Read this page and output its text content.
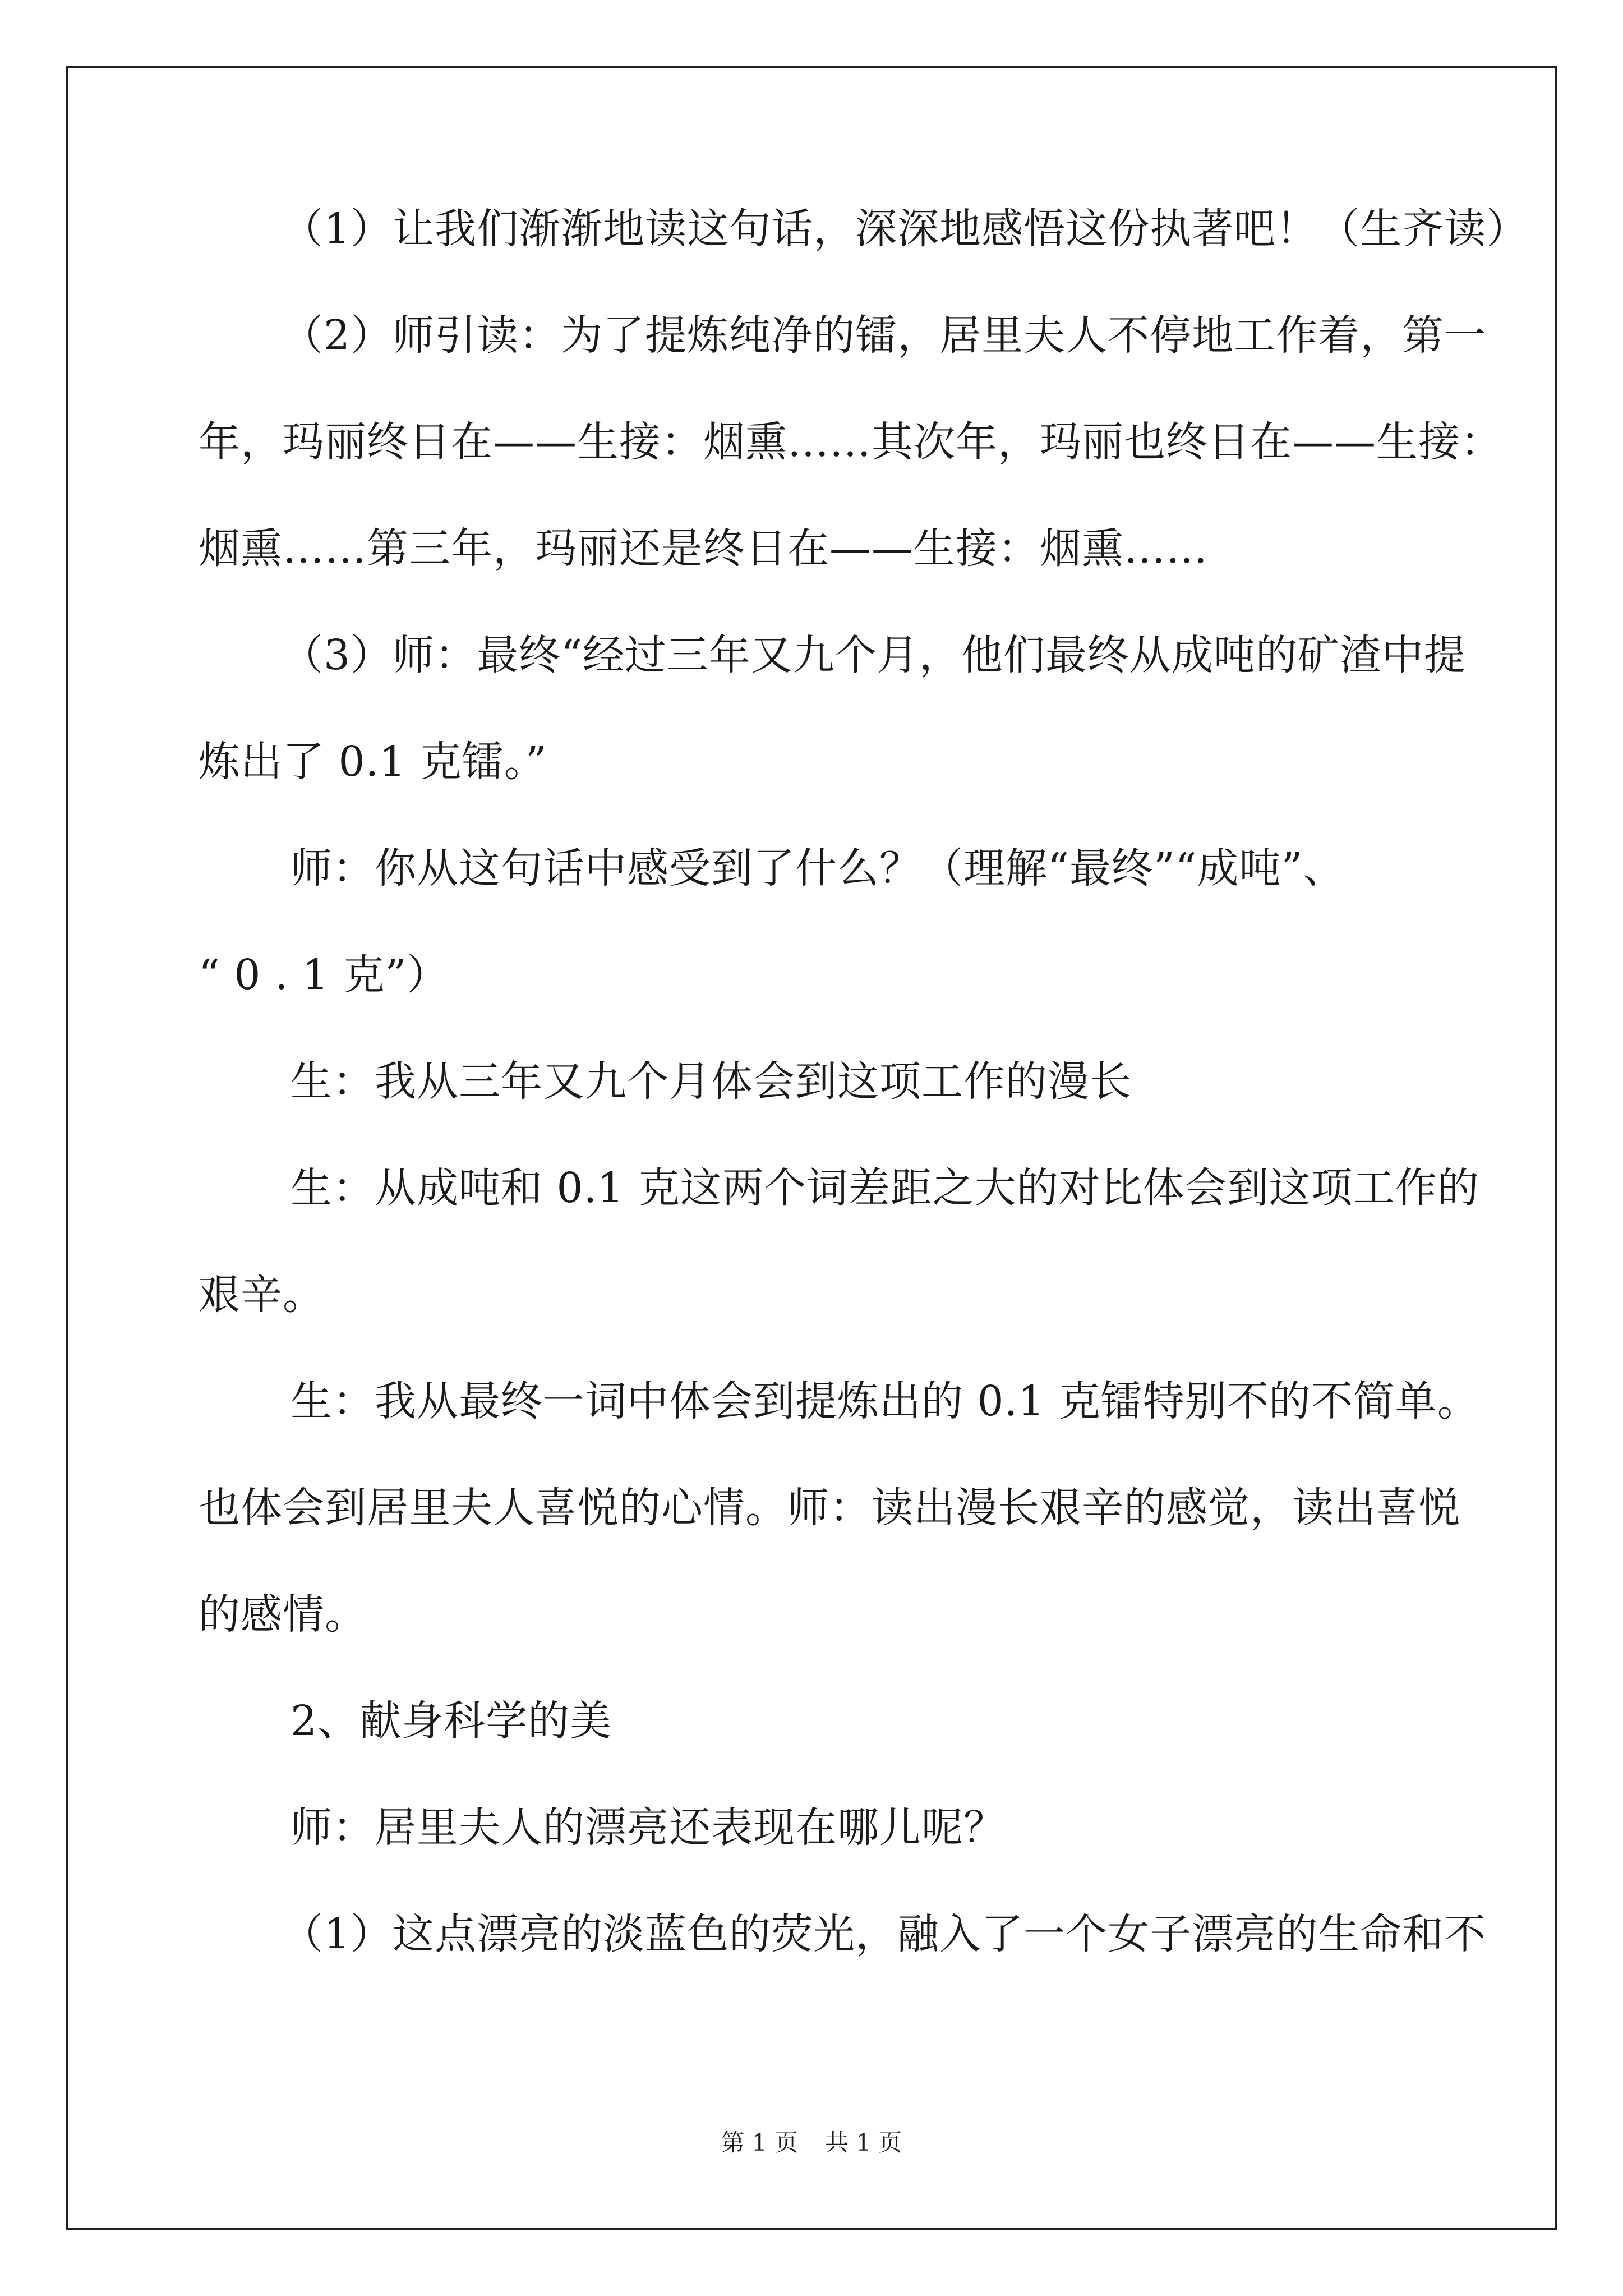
（1）让我们渐渐地读这句话，深深地感悟这份执著吧！（生齐读）
（2）师引读：为了提炼纯净的镭，居里夫人不停地工作着，第一
年，玛丽终日在——生接：烟熏……其次年，玛丽也终日在——生接：
烟熏……第三年，玛丽还是终日在——生接：烟熏……
（3）师：最终“经过三年又九个月，他们最终从成吨的矿渣中提
炼出了 0.1 克镭。”
师：你从这句话中感受到了什么？（理解“最终”“成吨”、
“ 0 . 1 克”）
生：我从三年又九个月体会到这项工作的漫长
生：从成吨和 0.1 克这两个词差距之大的对比体会到这项工作的
艰辛。
生：我从最终一词中体会到提炼出的 0.1 克镭特别不的不简单。
也体会到居里夫人喜悦的心情。师：读出漫长艰辛的感觉，读出喜悦
的感情。
2、献身科学的美
师：居里夫人的漂亮还表现在哪儿呢？
（1）这点漂亮的淡蓝色的荧光，融入了一个女子漂亮的生命和不
第 1 页 共 1 页
